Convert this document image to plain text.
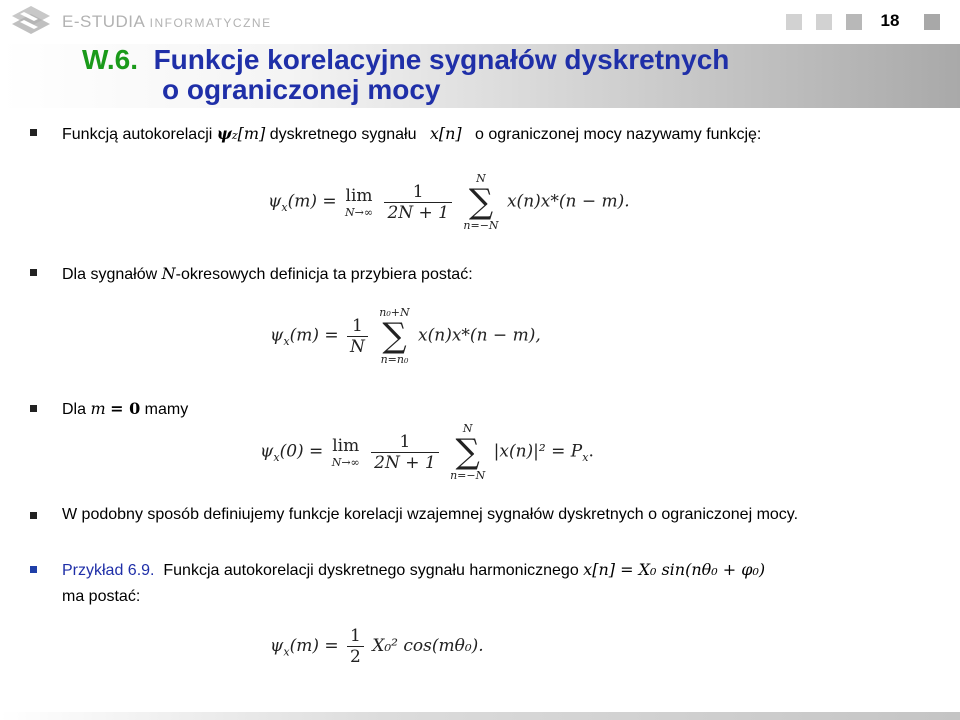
E-STUDIA INFORMATYCZNE	18
W.6. Funkcje korelacyjne sygnałów dyskretnych
o ograniczonej mocy
Funkcją autokorelacji ψz[m] dyskretnego sygnału x[n] o ograniczonej mocy nazywamy funkcję:
$\psi_x(m) = \lim$
N→∞
$\frac{1}{2N + 1}$

N
∑
n=−N
x(n)x*(n − m).
Dla sygnałów N-okresowych definicja ta przybiera postać:
$\psi_x(m) = \frac{1}{N}$

n₀+N
∑
n=n₀
x(n)x*(n − m),
Dla m = 0 mamy
$\psi_x(0) = \lim$
N→∞
$\frac{1}{2N + 1}$

N
∑
n=−N
$|x(n)|^2 = P_x$.
W podobny sposób definiujemy funkcje korelacji wzajemnej sygnałów dyskretnych o ograniczonej mocy.
Przykład 6.9. Funkcja autokorelacji dyskretnego sygnału harmonicznego x[n] = X₀ sin(nθ₀ + φ₀)
ma postać:
$\psi_x(m) = \frac{1}{2} X_0^2$ cos(mθ₀).
